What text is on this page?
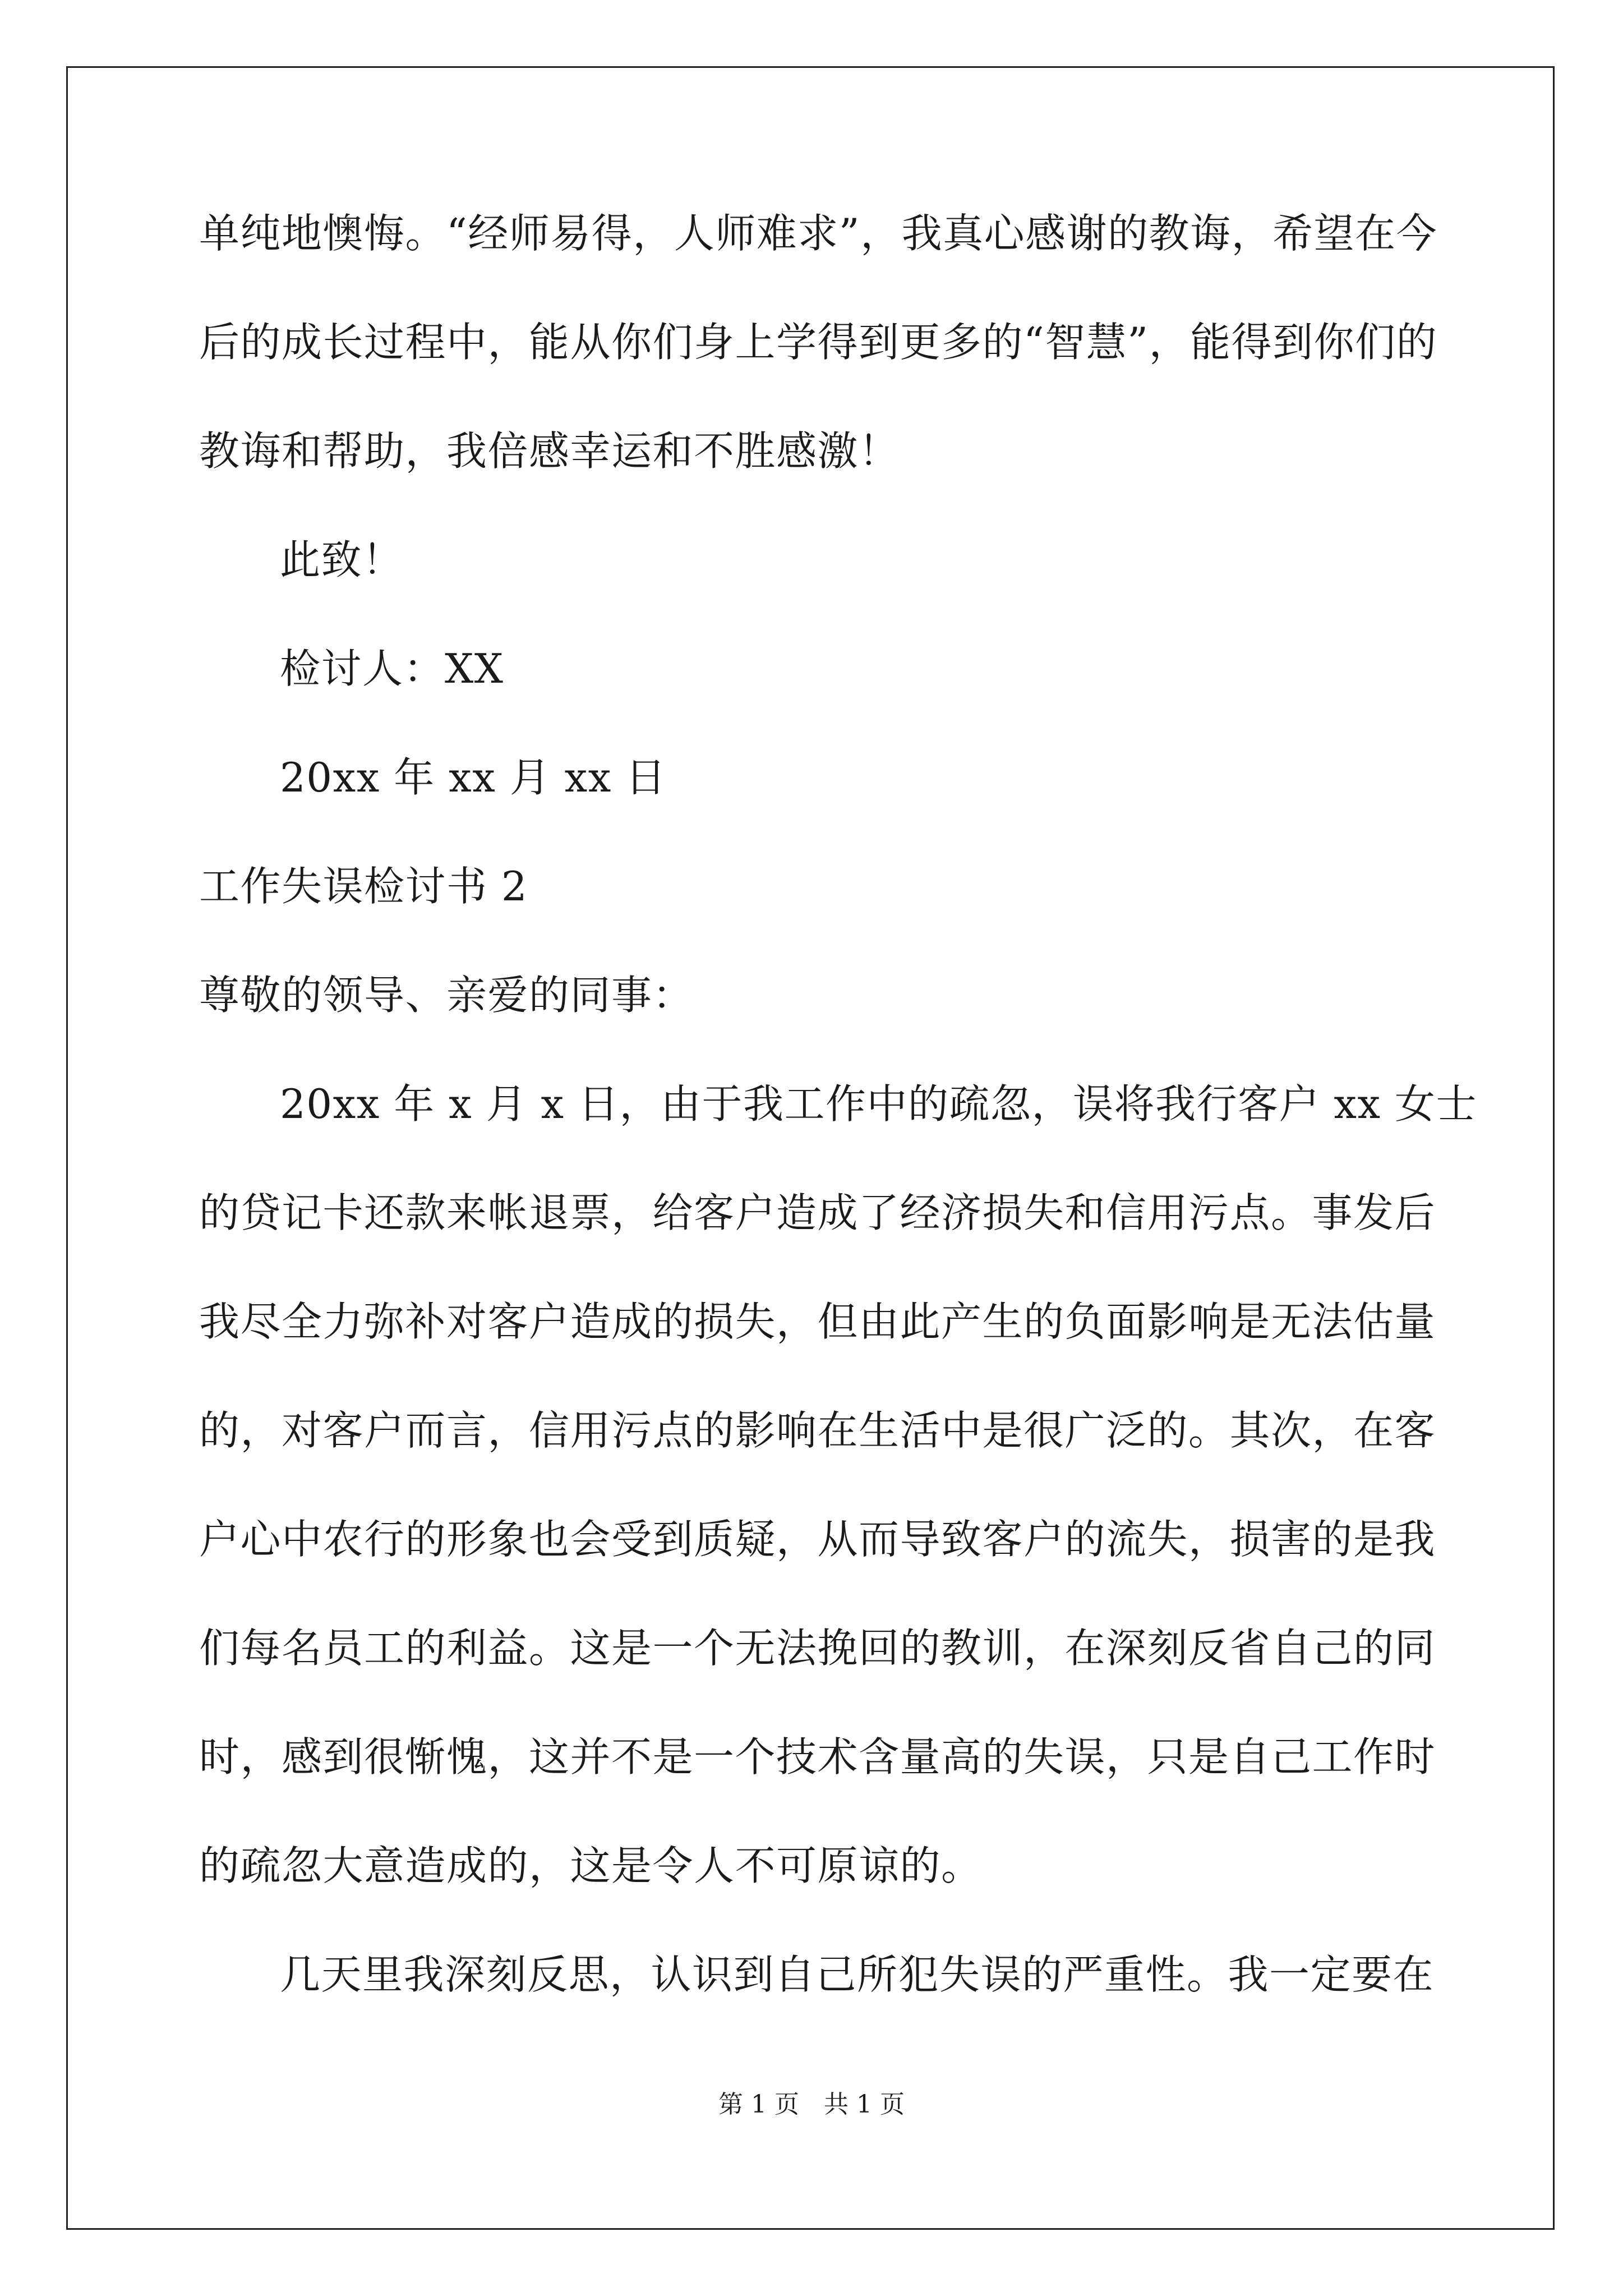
单纯地懊悔。“经师易得，人师难求”，我真心感谢的教诲，希望在今
后的成长过程中，能从你们身上学得到更多的“智慧”，能得到你们的
教诲和帮助，我倍感幸运和不胜感激！
此致！
检讨人：XX
20xx 年 xx 月 xx 日
工作失误检讨书 2
尊敬的领导、亲爱的同事：
20xx 年 x 月 x 日，由于我工作中的疏忽，误将我行客户 xx 女士
的贷记卡还款来帐退票，给客户造成了经济损失和信用污点。事发后
我尽全力弥补对客户造成的损失，但由此产生的负面影响是无法估量
的，对客户而言，信用污点的影响在生活中是很广泛的。其次，在客
户心中农行的形象也会受到质疑，从而导致客户的流失，损害的是我
们每名员工的利益。这是一个无法挽回的教训，在深刻反省自己的同
时，感到很惭愧，这并不是一个技术含量高的失误，只是自己工作时
的疏忽大意造成的，这是令人不可原谅的。
几天里我深刻反思，认识到自己所犯失误的严重性。我一定要在
第 1 页 共 1 页
